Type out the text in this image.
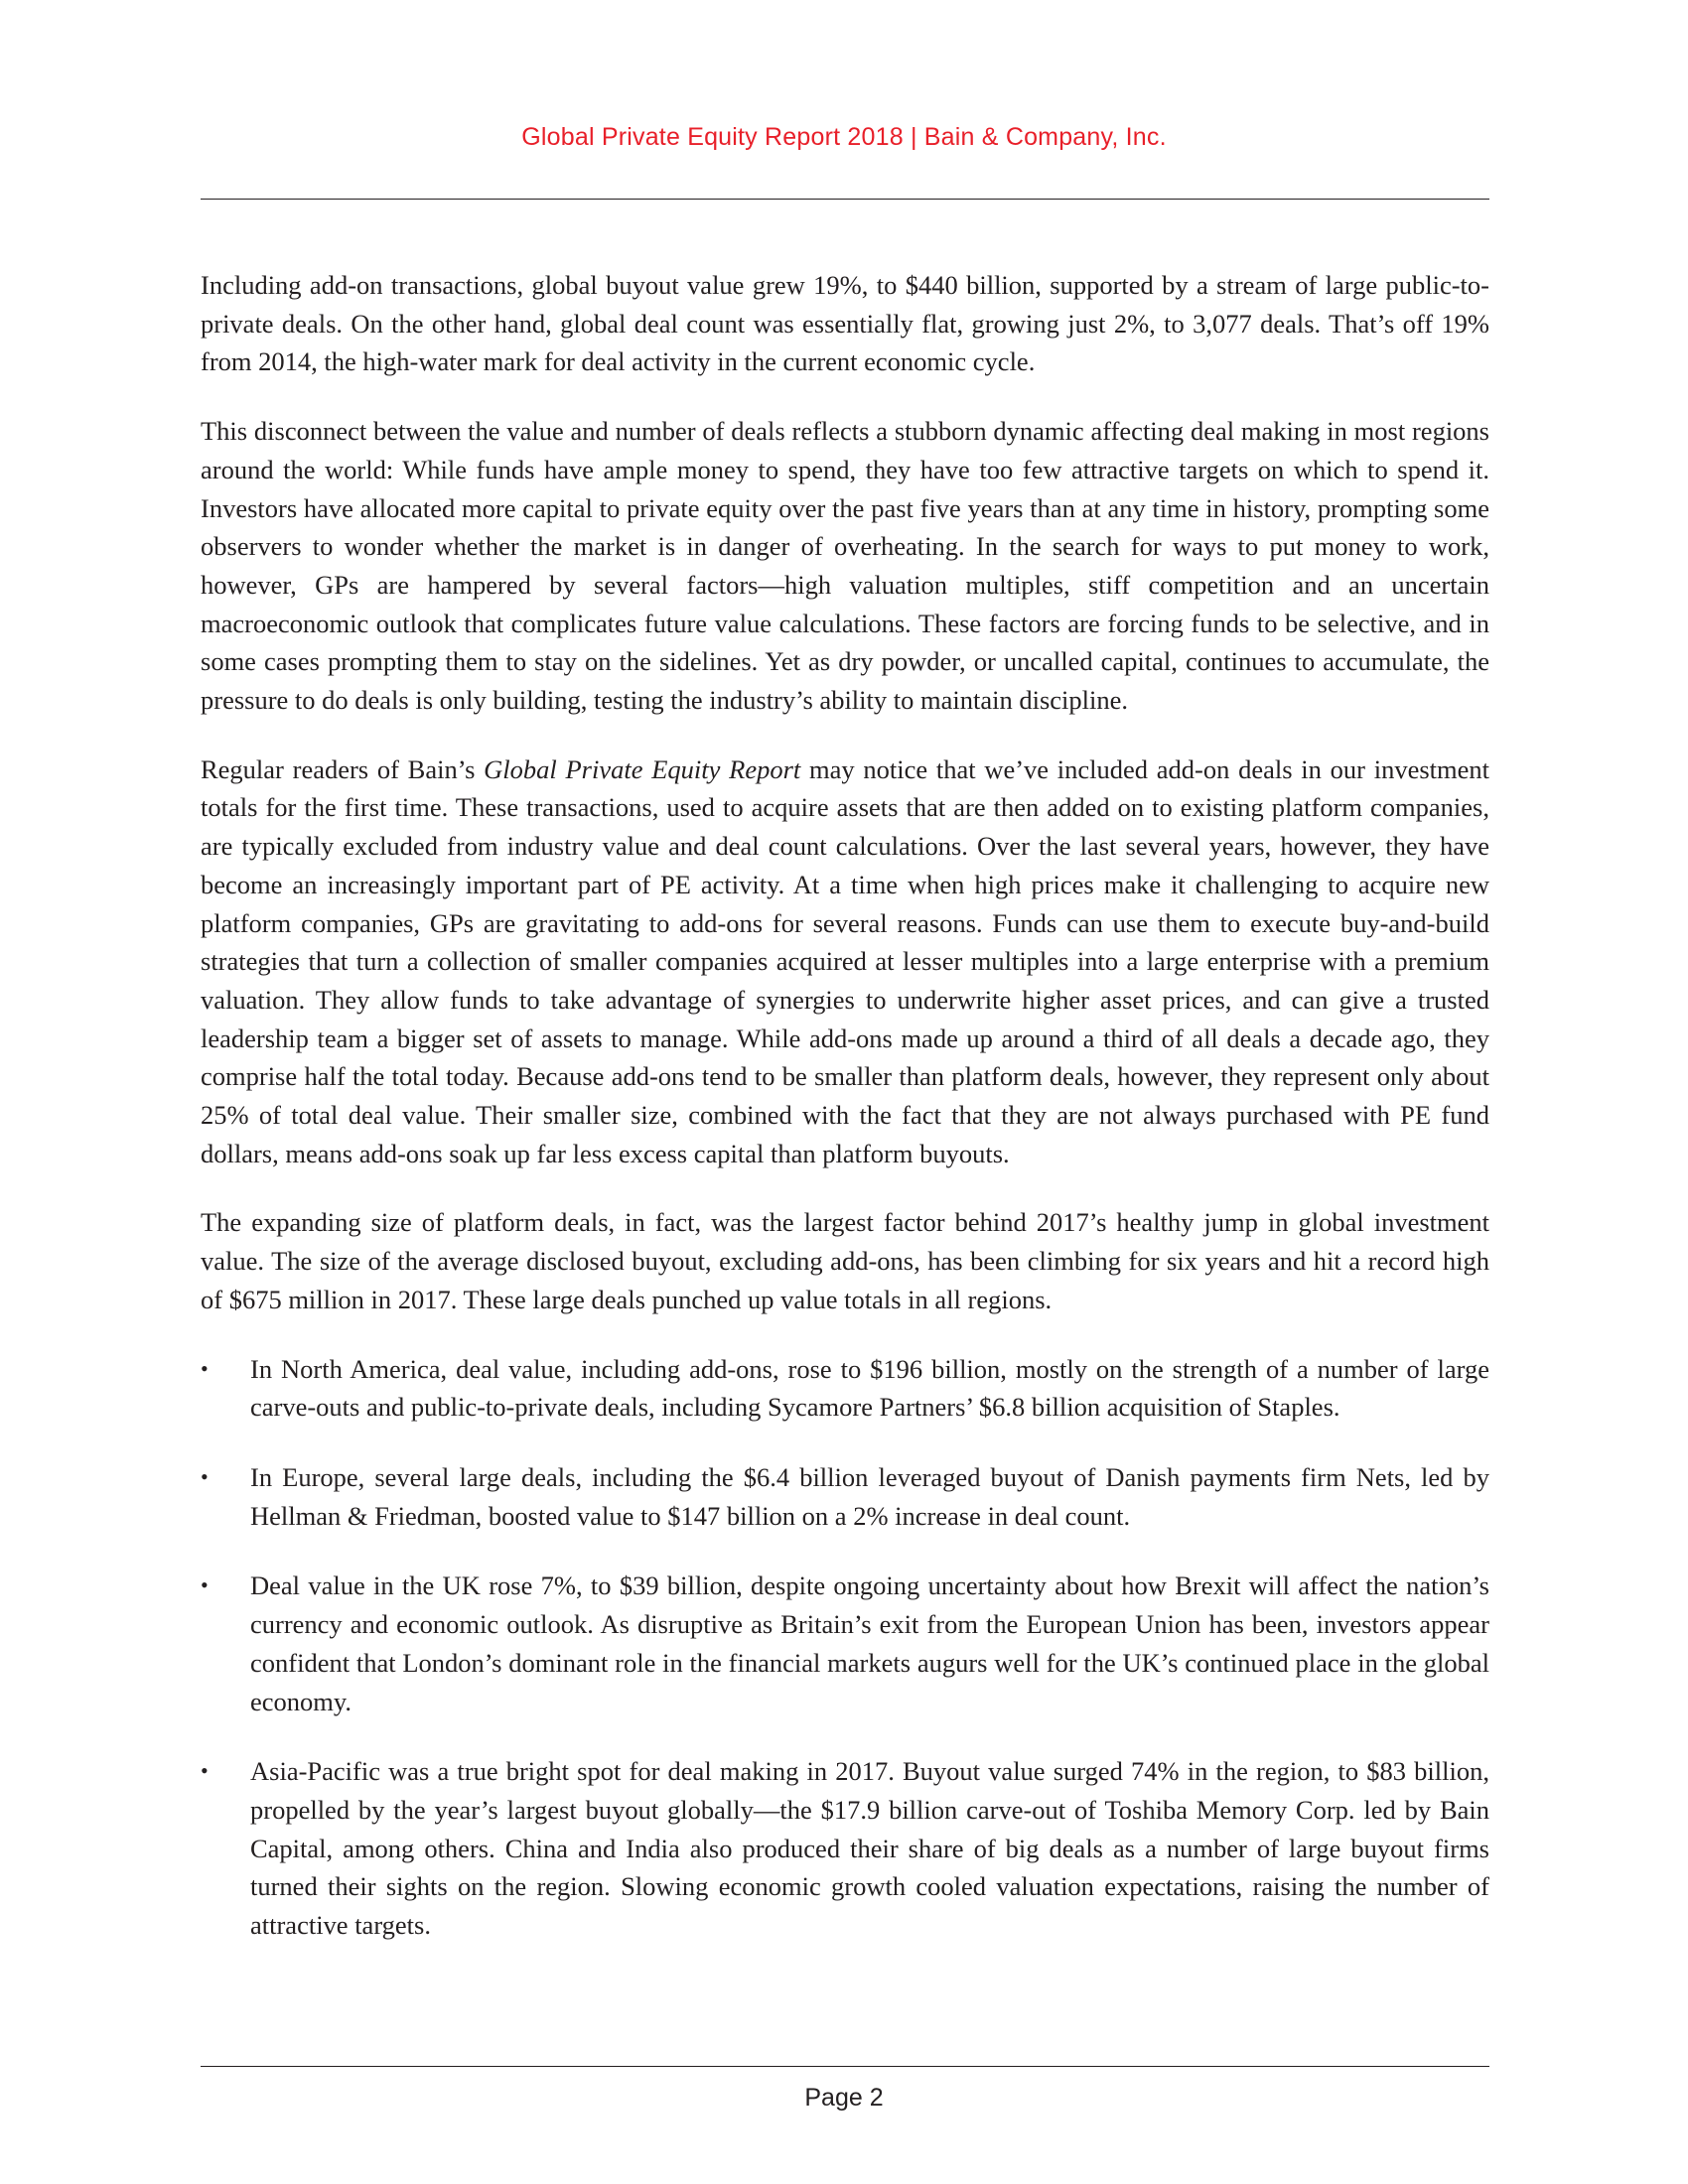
Global Private Equity Report 2018 | Bain & Company, Inc.

Including add-on transactions, global buyout value grew 19%, to $440 billion, supported by a stream of large public-to-private deals. On the other hand, global deal count was essentially flat, growing just 2%, to 3,077 deals. That’s off 19% from 2014, the high-water mark for deal activity in the current economic cycle.

This disconnect between the value and number of deals reflects a stubborn dynamic affecting deal making in most regions around the world: While funds have ample money to spend, they have too few attractive targets on which to spend it. Investors have allocated more capital to private equity over the past five years than at any time in history, prompting some observers to wonder whether the market is in danger of overheating. In the search for ways to put money to work, however, GPs are hampered by several factors—high valuation multiples, stiff competition and an uncertain macroeconomic outlook that complicates future value calculations. These factors are forcing funds to be selective, and in some cases prompting them to stay on the sidelines. Yet as dry powder, or uncalled capital, continues to accumulate, the pressure to do deals is only building, testing the industry’s ability to maintain discipline.

Regular readers of Bain’s Global Private Equity Report may notice that we’ve included add-on deals in our investment totals for the first time. These transactions, used to acquire assets that are then added on to existing platform companies, are typically excluded from industry value and deal count calculations. Over the last several years, however, they have become an increasingly important part of PE activity. At a time when high prices make it challenging to acquire new platform companies, GPs are gravitating to add-ons for several reasons. Funds can use them to execute buy-and-build strategies that turn a collection of smaller companies acquired at lesser multiples into a large enterprise with a premium valuation. They allow funds to take advantage of synergies to underwrite higher asset prices, and can give a trusted leadership team a bigger set of assets to manage. While add-ons made up around a third of all deals a decade ago, they comprise half the total today. Because add-ons tend to be smaller than platform deals, however, they represent only about 25% of total deal value. Their smaller size, combined with the fact that they are not always purchased with PE fund dollars, means add-ons soak up far less excess capital than platform buyouts.

The expanding size of platform deals, in fact, was the largest factor behind 2017’s healthy jump in global investment value. The size of the average disclosed buyout, excluding add-ons, has been climbing for six years and hit a record high of $675 million in 2017. These large deals punched up value totals in all regions.

• In North America, deal value, including add-ons, rose to $196 billion, mostly on the strength of a number of large carve-outs and public-to-private deals, including Sycamore Partners’ $6.8 billion acquisition of Staples.
• In Europe, several large deals, including the $6.4 billion leveraged buyout of Danish payments firm Nets, led by Hellman & Friedman, boosted value to $147 billion on a 2% increase in deal count.
• Deal value in the UK rose 7%, to $39 billion, despite ongoing uncertainty about how Brexit will affect the nation’s currency and economic outlook. As disruptive as Britain’s exit from the European Union has been, investors appear confident that London’s dominant role in the financial markets augurs well for the UK’s continued place in the global economy.
• Asia-Pacific was a true bright spot for deal making in 2017. Buyout value surged 74% in the region, to $83 billion, propelled by the year’s largest buyout globally—the $17.9 billion carve-out of Toshiba Memory Corp. led by Bain Capital, among others. China and India also produced their share of big deals as a number of large buyout firms turned their sights on the region. Slowing economic growth cooled valuation expectations, raising the number of attractive targets.
Page 2
